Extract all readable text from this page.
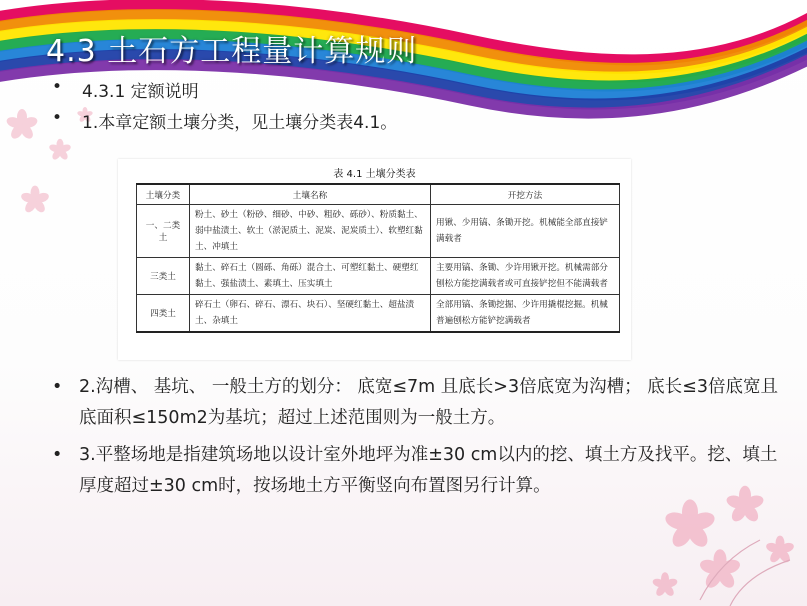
4.3 土石方工程量计算规则
• 4.3.1 定额说明
• 1.本章定额土壤分类，见土壤分类表4.1。
表 4.1 土壤分类表
土壤分类	土壤名称	开挖方法
一、二类土	粉土、砂土（粉砂、细砂、中砂、粗砂、砾砂）、粉质黏土、弱中盐渍土、软土（淤泥质土、泥炭、泥炭质土）、软塑红黏土、冲填土	用锹、少用镐、条锄开挖。机械能全部直接铲满载者
三类土	黏土、碎石土（圆砾、角砾）混合土、可塑红黏土、硬塑红黏土、强盐渍土、素填土、压实填土	主要用镐、条锄、少许用锹开挖。机械需部分刨松方能挖满载者或可直接铲挖但不能满载者
四类土	碎石土（卵石、碎石、漂石、块石）、坚硬红黏土、超盐渍土、杂填土	全部用镐、条锄挖掘、少许用撬棍挖掘。机械普遍刨松方能铲挖满载者
• 2.沟槽、 基坑、 一般土方的划分： 底宽≤7m 且底长>3倍底宽为沟槽； 底长≤3倍底宽且底面积≤150m2为基坑；超过上述范围则为一般土方。
• 3.平整场地是指建筑场地以设计室外地坪为准±30 cm以内的挖、填土方及找平。挖、填土厚度超过±30 cm时，按场地土方平衡竖向布置图另行计算。
